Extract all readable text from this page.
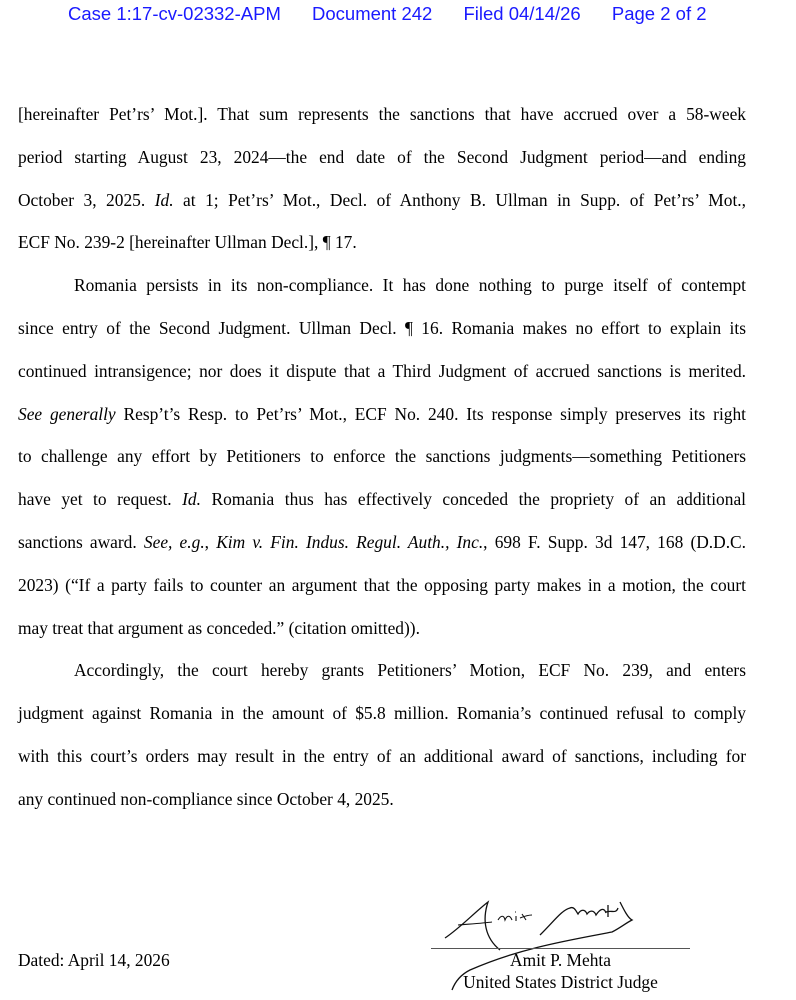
Case 1:17-cv-02332-APM Document 242 Filed 04/14/26 Page 2 of 2
[hereinafter Pet’rs’ Mot.]. That sum represents the sanctions that have accrued over a 58-week
period starting August 23, 2024—the end date of the Second Judgment period—and ending
October 3, 2025. Id. at 1; Pet’rs’ Mot., Decl. of Anthony B. Ullman in Supp. of Pet’rs’ Mot.,
ECF No. 239-2 [hereinafter Ullman Decl.], ¶ 17.
Romania persists in its non-compliance. It has done nothing to purge itself of contempt
since entry of the Second Judgment. Ullman Decl. ¶ 16. Romania makes no effort to explain its
continued intransigence; nor does it dispute that a Third Judgment of accrued sanctions is merited.
See generally Resp’t’s Resp. to Pet’rs’ Mot., ECF No. 240. Its response simply preserves its right
to challenge any effort by Petitioners to enforce the sanctions judgments—something Petitioners
have yet to request. Id. Romania thus has effectively conceded the propriety of an additional
sanctions award. See, e.g., Kim v. Fin. Indus. Regul. Auth., Inc., 698 F. Supp. 3d 147, 168 (D.D.C.
2023) (“If a party fails to counter an argument that the opposing party makes in a motion, the court
may treat that argument as conceded.” (citation omitted)).
Accordingly, the court hereby grants Petitioners’ Motion, ECF No. 239, and enters
judgment against Romania in the amount of $5.8 million. Romania’s continued refusal to comply
with this court’s orders may result in the entry of an additional award of sanctions, including for
any continued non-compliance since October 4, 2025.
Dated: April 14, 2026	Amit P. Mehta
United States District Judge
